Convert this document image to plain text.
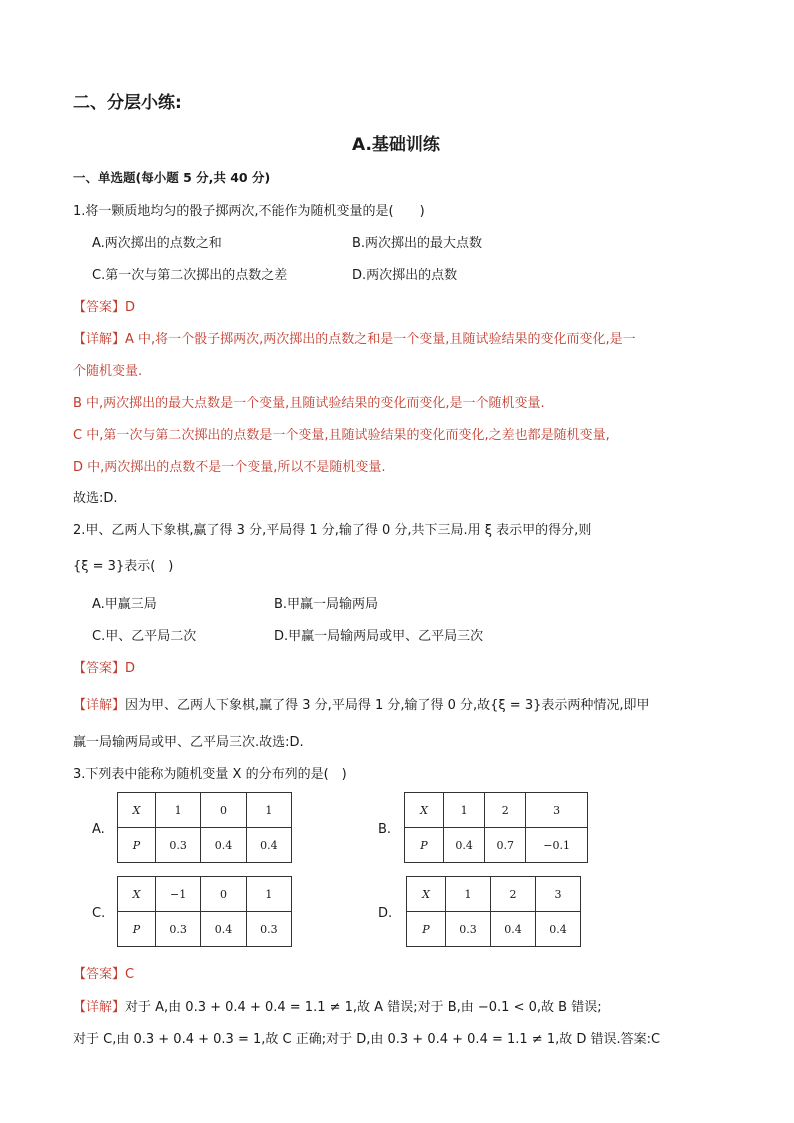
二、分层小练:
A.基础训练
一、单选题(每小题 5 分,共 40 分)
1.将一颗质地均匀的骰子掷两次,不能作为随机变量的是(　　)
A.两次掷出的点数之和	B.两次掷出的最大点数
C.第一次与第二次掷出的点数之差	D.两次掷出的点数
【答案】D
【详解】A 中,将一个骰子掷两次,两次掷出的点数之和是一个变量,且随试验结果的变化而变化,是一
个随机变量.
B 中,两次掷出的最大点数是一个变量,且随试验结果的变化而变化,是一个随机变量.
C 中,第一次与第二次掷出的点数是一个变量,且随试验结果的变化而变化,之差也都是随机变量,
D 中,两次掷出的点数不是一个变量,所以不是随机变量.
故选:D.
2.甲、乙两人下象棋,赢了得 3 分,平局得 1 分,输了得 0 分,共下三局.用 ξ 表示甲的得分,则
{ξ = 3}表示(　)
A.甲赢三局	B.甲赢一局输两局
C.甲、乙平局二次	D.甲赢一局输两局或甲、乙平局三次
【答案】D
【详解】因为甲、乙两人下象棋,赢了得 3 分,平局得 1 分,输了得 0 分,故{ξ = 3}表示两种情况,即甲
赢一局输两局或甲、乙平局三次.故选:D.
3.下列表中能称为随机变量 X 的分布列的是(　)
A.
X	1	0	1
P	0.3	0.4	0.4
B.
X	1	2	3
P	0.4	0.7	−0.1
C.
X	−1	0	1
P	0.3	0.4	0.3
D.
X	1	2	3
P	0.3	0.4	0.4
【答案】C
【详解】对于 A,由 0.3 + 0.4 + 0.4 = 1.1 ≠ 1,故 A 错误;对于 B,由 −0.1 < 0,故 B 错误;
对于 C,由 0.3 + 0.4 + 0.3 = 1,故 C 正确;对于 D,由 0.3 + 0.4 + 0.4 = 1.1 ≠ 1,故 D 错误.答案:C
